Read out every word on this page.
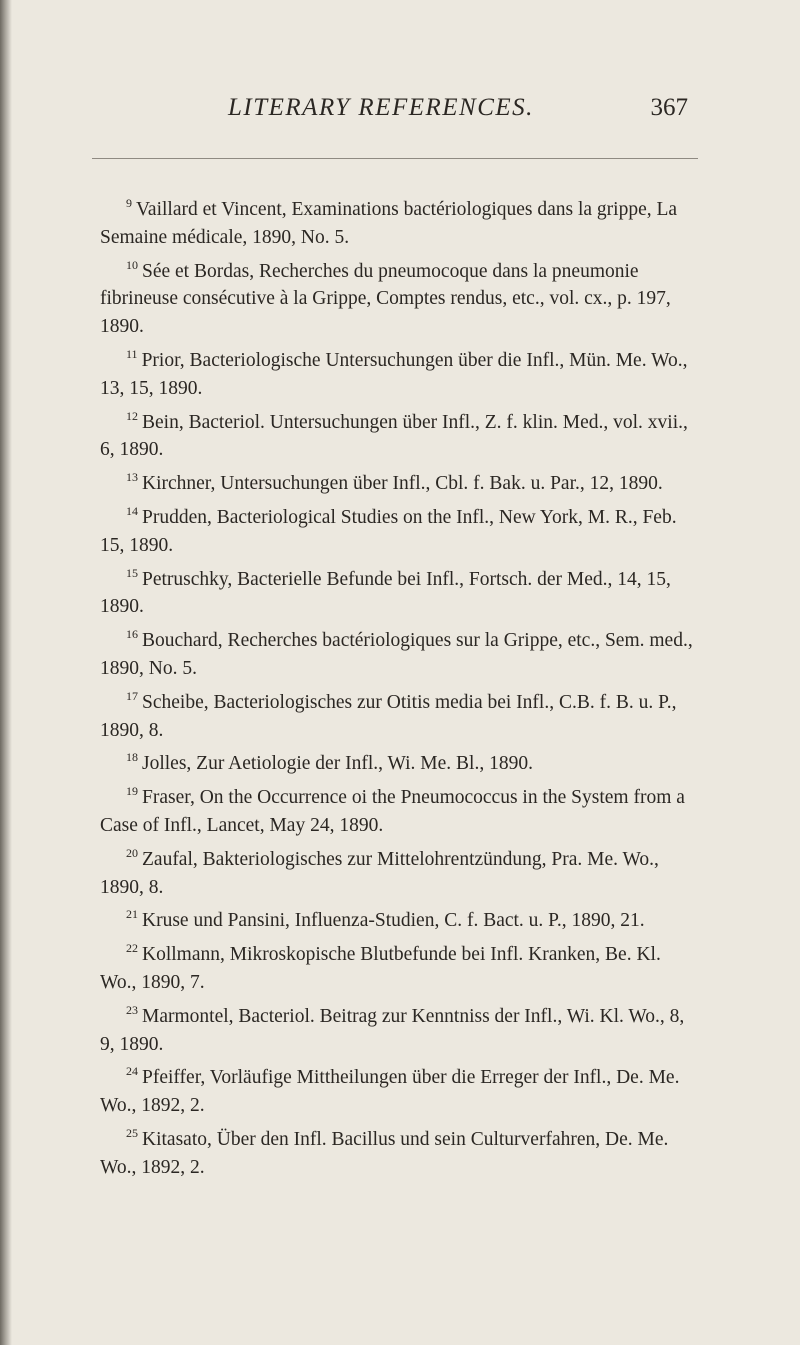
LITERARY REFERENCES.	367

$^9$ Vaillard et Vincent, Examinations bactériologiques dans la grippe, La Semaine médicale, 1890, No. 5.

$^{10}$ Sée et Bordas, Recherches du pneumocoque dans la pneumonie fibrineuse consécutive à la Grippe, Comptes rendus, etc., vol. cx., p. 197, 1890.

$^{11}$ Prior, Bacteriologische Untersuchungen über die Infl., Mün. Me. Wo., 13, 15, 1890.

$^{12}$ Bein, Bacteriol. Untersuchungen über Infl., Z. f. klin. Med., vol. xvii., 6, 1890.

$^{13}$ Kirchner, Untersuchungen über Infl., Cbl. f. Bak. u. Par., 12, 1890.

$^{14}$ Prudden, Bacteriological Studies on the Infl., New York, M. R., Feb. 15, 1890.

$^{15}$ Petruschky, Bacterielle Befunde bei Infl., Fortsch. der Med., 14, 15, 1890.

$^{16}$ Bouchard, Recherches bactériologiques sur la Grippe, etc., Sem. med., 1890, No. 5.

$^{17}$ Scheibe, Bacteriologisches zur Otitis media bei Infl., C.B. f. B. u. P., 1890, 8.

$^{18}$ Jolles, Zur Aetiologie der Infl., Wi. Me. Bl., 1890.

$^{19}$ Fraser, On the Occurrence oi the Pneumococcus in the System from a Case of Infl., Lancet, May 24, 1890.

$^{20}$ Zaufal, Bakteriologisches zur Mittelohrentzündung, Pra. Me. Wo., 1890, 8.

$^{21}$ Kruse und Pansini, Influenza-Studien, C. f. Bact. u. P., 1890, 21.

$^{22}$ Kollmann, Mikroskopische Blutbefunde bei Infl. Kranken, Be. Kl. Wo., 1890, 7.

$^{23}$ Marmontel, Bacteriol. Beitrag zur Kenntniss der Infl., Wi. Kl. Wo., 8, 9, 1890.

$^{24}$ Pfeiffer, Vorläufige Mittheilungen über die Erreger der Infl., De. Me. Wo., 1892, 2.

$^{25}$ Kitasato, Über den Infl. Bacillus und sein Culturverfahren, De. Me. Wo., 1892, 2.
